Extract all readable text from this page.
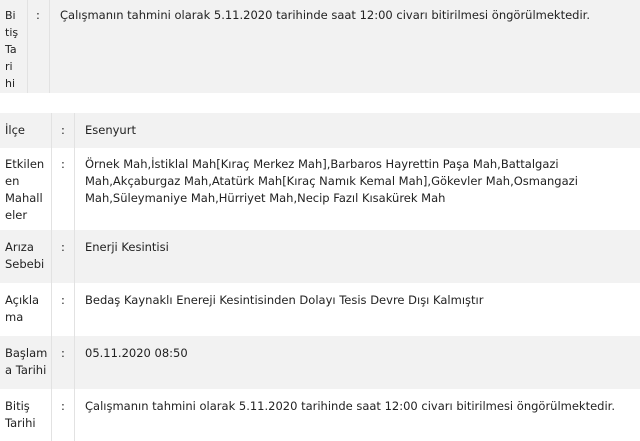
Bi
tiş
Ta
ri
hi
:	Çalışmanın tahmini olarak 5.11.2020 tarihinde saat 12:00 civarı bitirilmesi öngörülmektedir.
İlçe	:	Esenyurt
Etkilen
en
Mahall
eler
:	Örnek Mah,İstiklal Mah[Kıraç Merkez Mah],Barbaros Hayrettin Paşa Mah,Battalgazi Mah,Akçaburgaz Mah,Atatürk Mah[Kıraç Namık Kemal Mah],Gökevler Mah,Osmangazi Mah,Süleymaniye Mah,Hürriyet Mah,Necip Fazıl Kısakürek Mah
Arıza
Sebebi
:	Enerji Kesintisi
Açıkla
ma
:	Bedaş Kaynaklı Enereji Kesintisinden Dolayı Tesis Devre Dışı Kalmıştır
Başlam
a Tarihi
:	05.11.2020 08:50
Bitiş
Tarihi
:	Çalışmanın tahmini olarak 5.11.2020 tarihinde saat 12:00 civarı bitirilmesi öngörülmektedir.
